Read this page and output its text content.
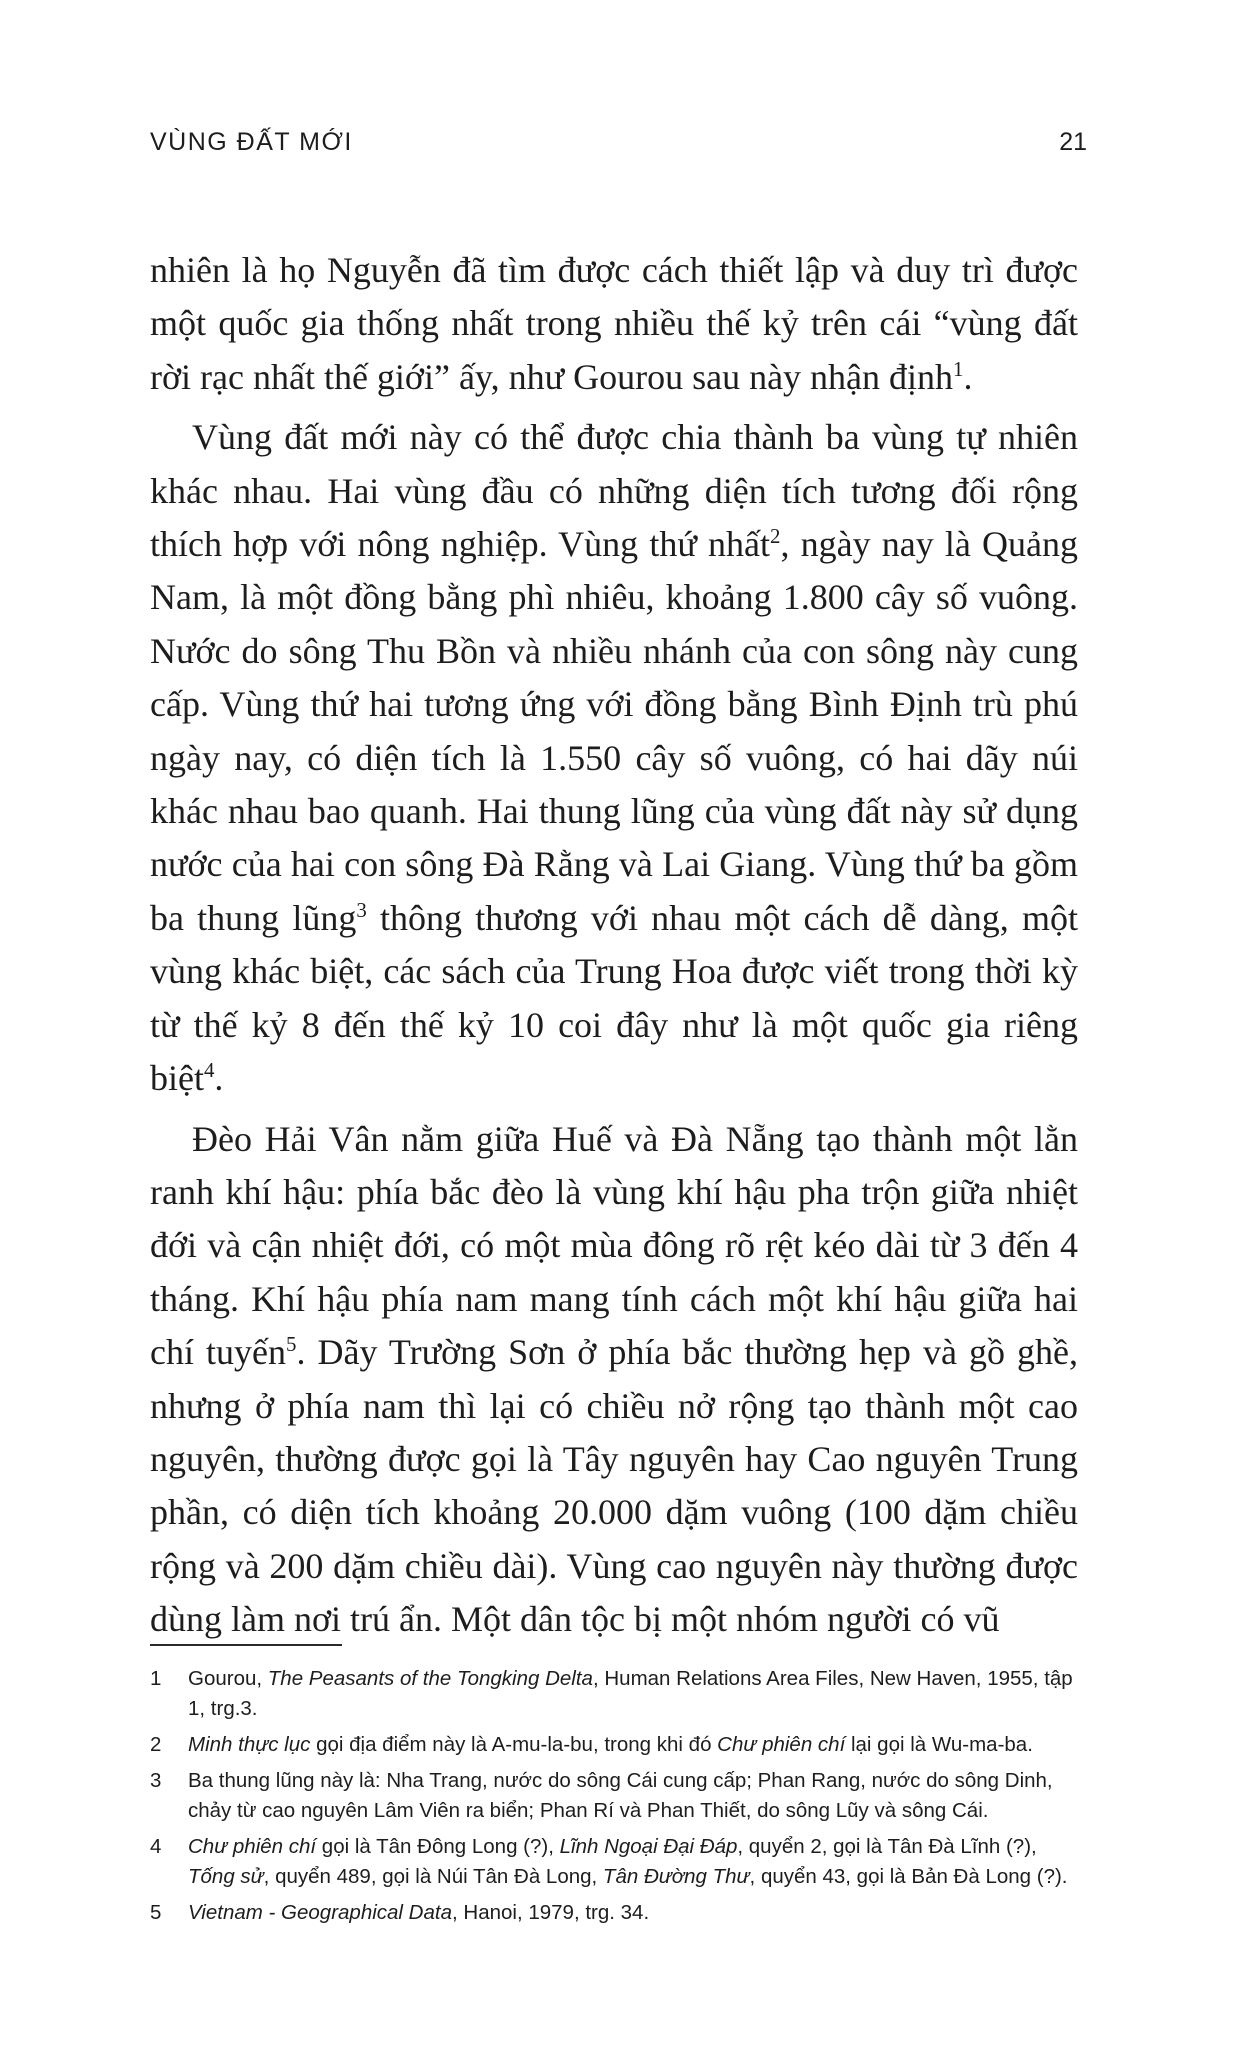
VÙNG ĐẤT MỚI	21

nhiên là họ Nguyễn đã tìm được cách thiết lập và duy trì được một quốc gia thống nhất trong nhiều thế kỷ trên cái “vùng đất rời rạc nhất thế giới” ấy, như Gourou sau này nhận định$^1$.

Vùng đất mới này có thể được chia thành ba vùng tự nhiên khác nhau. Hai vùng đầu có những diện tích tương đối rộng thích hợp với nông nghiệp. Vùng thứ nhất$^2$, ngày nay là Quảng Nam, là một đồng bằng phì nhiêu, khoảng 1.800 cây số vuông. Nước do sông Thu Bồn và nhiều nhánh của con sông này cung cấp. Vùng thứ hai tương ứng với đồng bằng Bình Định trù phú ngày nay, có diện tích là 1.550 cây số vuông, có hai dãy núi khác nhau bao quanh. Hai thung lũng của vùng đất này sử dụng nước của hai con sông Đà Rằng và Lai Giang. Vùng thứ ba gồm ba thung lũng$^3$ thông thương với nhau một cách dễ dàng, một vùng khác biệt, các sách của Trung Hoa được viết trong thời kỳ từ thế kỷ 8 đến thế kỷ 10 coi đây như là một quốc gia riêng biệt$^4$.

Đèo Hải Vân nằm giữa Huế và Đà Nẵng tạo thành một lằn ranh khí hậu: phía bắc đèo là vùng khí hậu pha trộn giữa nhiệt đới và cận nhiệt đới, có một mùa đông rõ rệt kéo dài từ 3 đến 4 tháng. Khí hậu phía nam mang tính cách một khí hậu giữa hai chí tuyến$^5$. Dãy Trường Sơn ở phía bắc thường hẹp và gồ ghề, nhưng ở phía nam thì lại có chiều nở rộng tạo thành một cao nguyên, thường được gọi là Tây nguyên hay Cao nguyên Trung phần, có diện tích khoảng 20.000 dặm vuông (100 dặm chiều rộng và 200 dặm chiều dài). Vùng cao nguyên này thường được dùng làm nơi trú ẩn. Một dân tộc bị một nhóm người có vũ

1 Gourou, The Peasants of the Tongking Delta, Human Relations Area Files, New Haven, 1955, tập 1, trg.3.
2 Minh thực lục gọi địa điểm này là A-mu-la-bu, trong khi đó Chư phiên chí lại gọi là Wu-ma-ba.
3 Ba thung lũng này là: Nha Trang, nước do sông Cái cung cấp; Phan Rang, nước do sông Dinh, chảy từ cao nguyên Lâm Viên ra biển; Phan Rí và Phan Thiết, do sông Lũy và sông Cái.
4 Chư phiên chí gọi là Tân Đông Long (?), Lĩnh Ngoại Đại Đáp, quyển 2, gọi là Tân Đà Lĩnh (?), Tống sử, quyển 489, gọi là Núi Tân Đà Long, Tân Đường Thư, quyển 43, gọi là Bản Đà Long (?).
5 Vietnam - Geographical Data, Hanoi, 1979, trg. 34.
